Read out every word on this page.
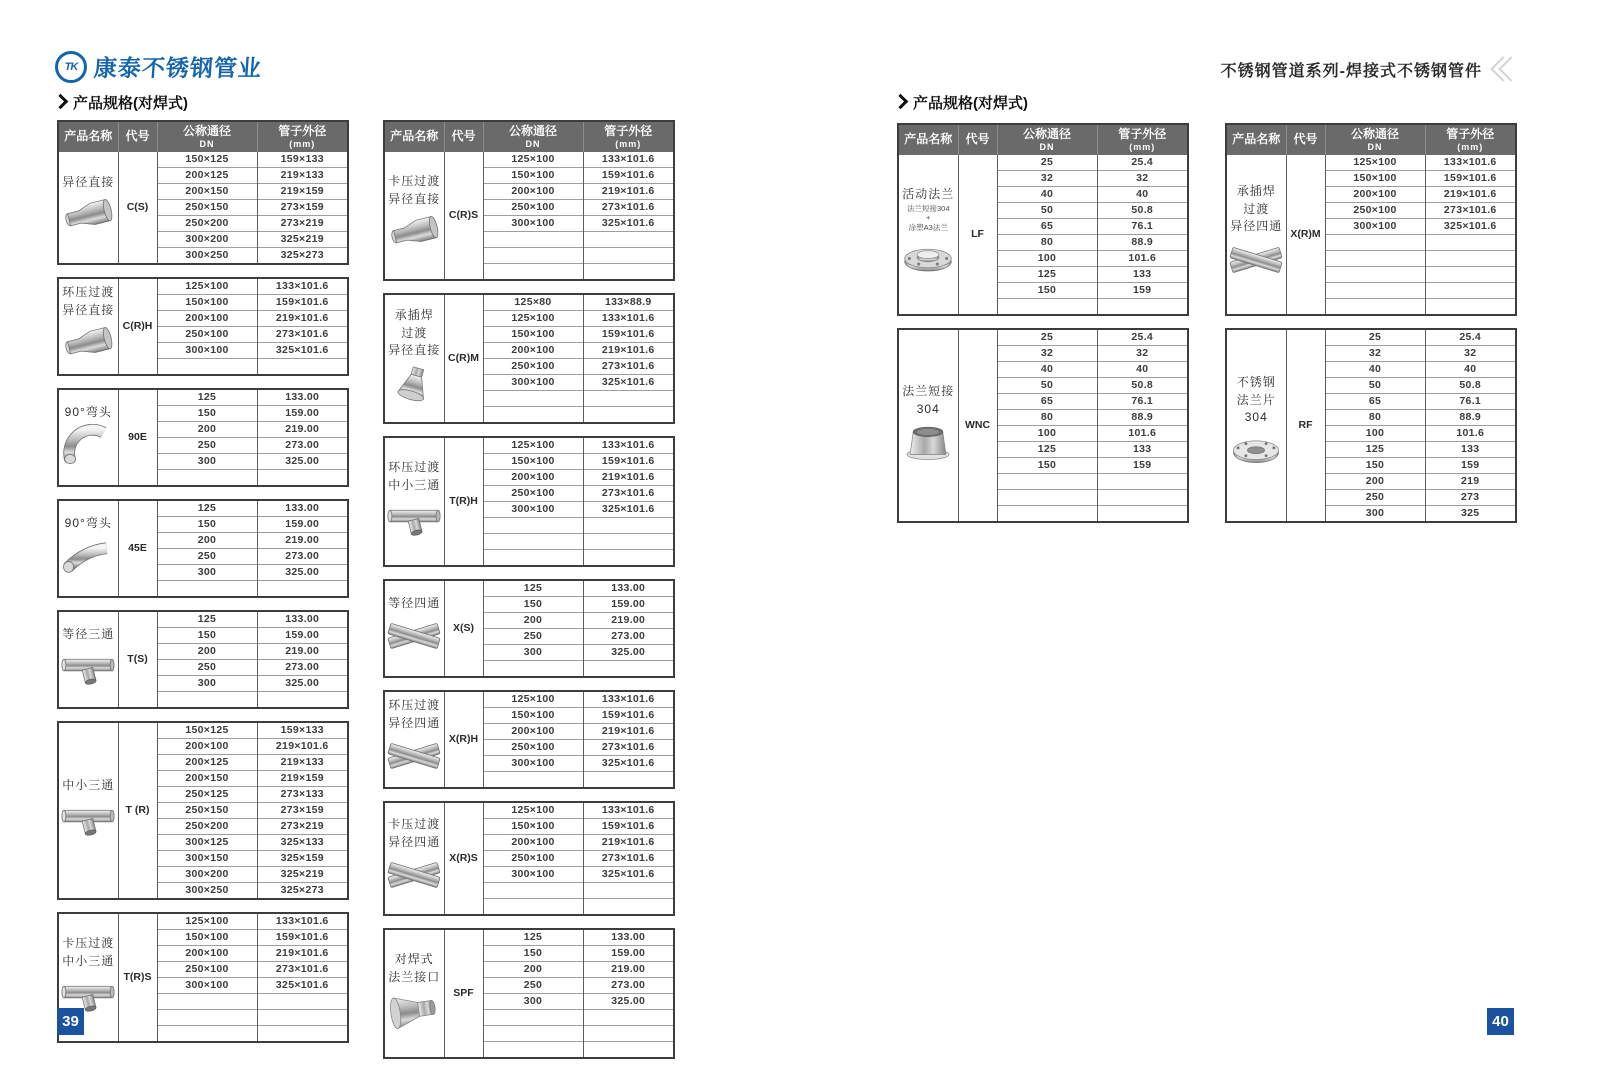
TK 康泰不锈钢管业	不锈钢管道系列-焊接式不锈钢管件
产品规格(对焊式)	产品规格(对焊式)
产品名称	代号	公称通径
DN	管子外径
(mm)

异径直接	C(S)	150×125	159×133
		200×125	219×133
		200×150	219×159
		250×150	273×159
		250×200	273×219
		300×200	325×219
		300×250	325×273
环压过渡
异径直接	C(R)H	125×100	133×101.6
		150×100	159×101.6
		200×100	219×101.6
		250×100	273×101.6
		300×100	325×101.6

90°弯头	90E	125	133.00
		150	159.00
		200	219.00
		250	273.00
		300	325.00

90°弯头	45E	125	133.00
		150	159.00
		200	219.00
		250	273.00
		300	325.00

等径三通	T(S)	125	133.00
		150	159.00
		200	219.00
		250	273.00
		300	325.00

中小三通	T (R)	150×125	159×133
		200×100	219×101.6
		200×125	219×133
		200×150	219×159
		250×125	273×133
		250×150	273×159
		250×200	273×219
		300×125	325×133
		300×150	325×159
		300×200	325×219
		300×250	325×273
卡压过渡
中小三通	T(R)S	125×100	133×101.6
		150×100	159×101.6
		200×100	219×101.6
		250×100	273×101.6
		300×100	325×101.6

产品名称	代号	公称通径
DN	管子外径
(mm)

卡压过渡
异径直接	C(R)S	125×100	133×101.6
		150×100	159×101.6
		200×100	219×101.6
		250×100	273×101.6
		300×100	325×101.6

承插焊
过渡
异径直接	C(R)M	125×80	133×88.9
		125×100	133×101.6
		150×100	159×101.6
		200×100	219×101.6
		250×100	273×101.6
		300×100	325×101.6

环压过渡
中小三通	T(R)H	125×100	133×101.6
		150×100	159×101.6
		200×100	219×101.6
		250×100	273×101.6
		300×100	325×101.6

等径四通	X(S)	125	133.00
		150	159.00
		200	219.00
		250	273.00
		300	325.00

环压过渡
异径四通	X(R)H	125×100	133×101.6
		150×100	159×101.6
		200×100	219×101.6
		250×100	273×101.6
		300×100	325×101.6

卡压过渡
异径四通	X(R)S	125×100	133×101.6
		150×100	159×101.6
		200×100	219×101.6
		250×100	273×101.6
		300×100	325×101.6

对焊式
法兰接口	SPF	125	133.00
		150	159.00
		200	219.00
		250	273.00
		300	325.00

产品名称	代号	公称通径
DN	管子外径
(mm)

活动法兰
法兰短接304
+
涂塑A3法兰	LF	25	25.4
		32	32
		40	40
		50	50.8
		65	76.1
		80	88.9
		100	101.6
		125	133
		150	159

法兰短接
304	WNC	25	25.4
		32	32
		40	40
		50	50.8
		65	76.1
		80	88.9
		100	101.6
		125	133
		150	159

产品名称	代号	公称通径
DN	管子外径
(mm)

承插焊
过渡
异径四通	X(R)M	125×100	133×101.6
		150×100	159×101.6
		200×100	219×101.6
		250×100	273×101.6
		300×100	325×101.6

不锈钢
法兰片304	RF	25	25.4
		32	32
		40	40
		50	50.8
		65	76.1
		80	88.9
		100	101.6
		125	133
		150	159
		200	219
		250	273
		300	325
39	40
